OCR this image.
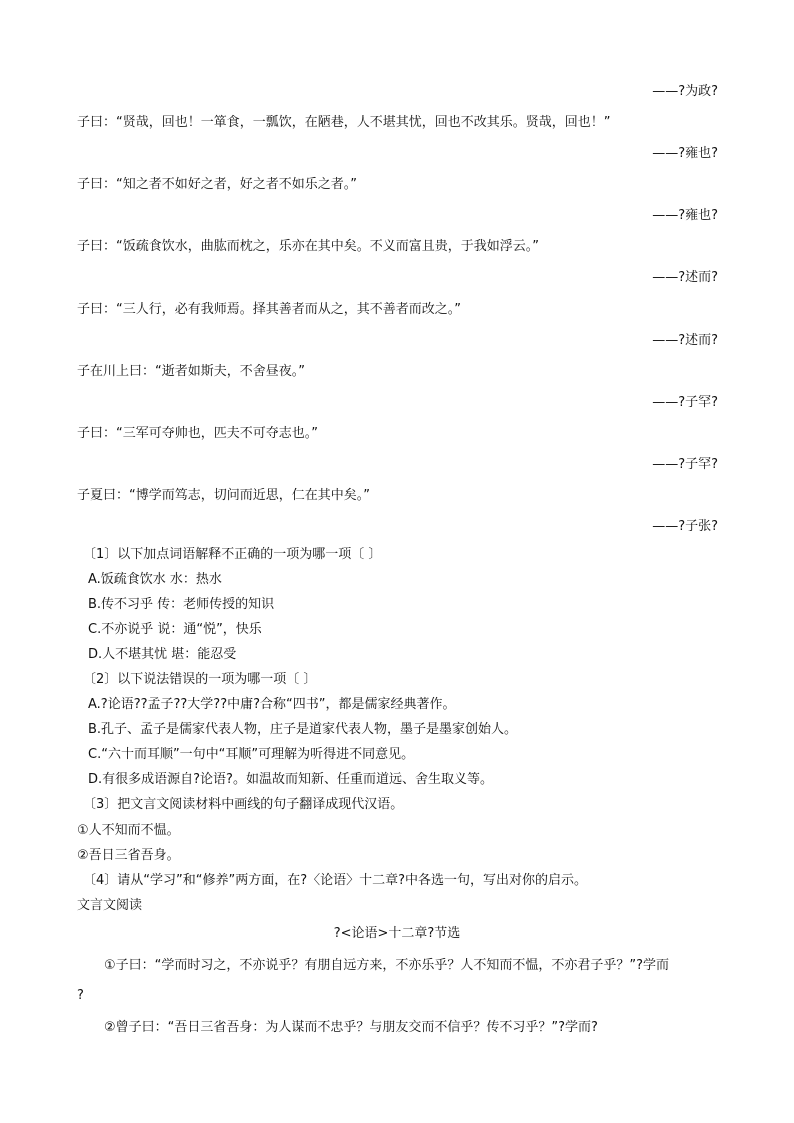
——?为政?
子曰：“贤哉，回也！一箪食，一瓢饮，在陋巷，人不堪其忧，回也不改其乐。贤哉，回也！”
——?雍也?
子曰：“知之者不如好之者，好之者不如乐之者。”
——?雍也?
子曰：“饭疏食饮水，曲肱而枕之，乐亦在其中矣。不义而富且贵，于我如浮云。”
——?述而?
子曰：“三人行，必有我师焉。择其善者而从之，其不善者而改之。”
——?述而?
子在川上曰：“逝者如斯夫，不舍昼夜。”
——?子罕?
子曰：“三军可夺帅也，匹夫不可夺志也。”
——?子罕?
子夏曰：“博学而笃志，切问而近思，仁在其中矣。”
——?子张?
〔1〕以下加点词语解释不正确的一项为哪一项〔 〕
A.饭疏食饮水 水：热水
B.传不习乎 传：老师传授的知识
C.不亦说乎 说：通“悦”，快乐
D.人不堪其忧 堪：能忍受
〔2〕以下说法错误的一项为哪一项〔 〕
A.?论语??孟子??大学??中庸?合称“四书”，都是儒家经典著作。
B.孔子、孟子是儒家代表人物，庄子是道家代表人物，墨子是墨家创始人。
C.“六十而耳顺”一句中“耳顺”可理解为听得进不同意见。
D.有很多成语源自?论语?。如温故而知新、任重而道远、舍生取义等。
〔3〕把文言文阅读材料中画线的句子翻译成现代汉语。
①人不知而不愠。
②吾日三省吾身。
〔4〕请从“学习”和“修养”两方面，在?〈论语〉十二章?中各选一句，写出对你的启示。
文言文阅读
?<论语>十二章?节选
①子曰：“学而时习之，不亦说乎？有朋自远方来，不亦乐乎？人不知而不愠，不亦君子乎？”?学而
?
②曾子曰：“吾日三省吾身：为人谋而不忠乎？与朋友交而不信乎？传不习乎？”?学而?
